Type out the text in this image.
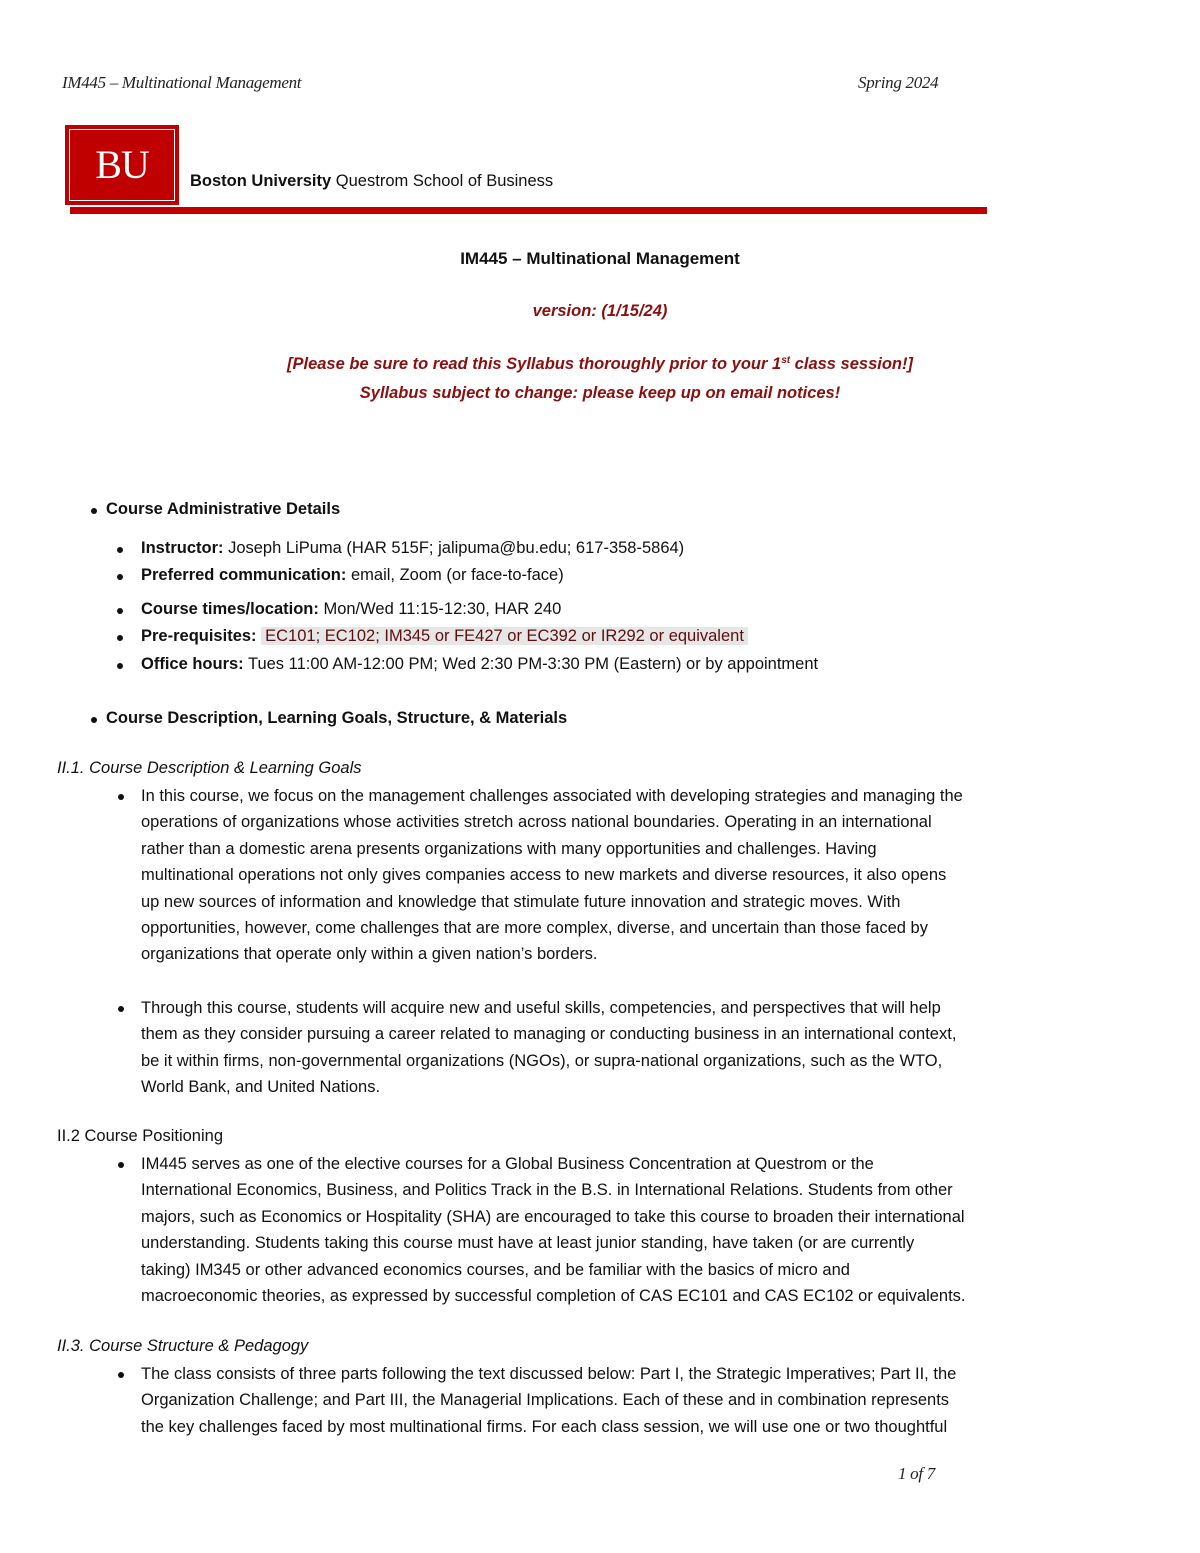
IM445 – Multinational Management	Spring 2024
BU Boston University Questrom School of Business
IM445 – Multinational Management
version: (1/15/24)
[Please be sure to read this Syllabus thoroughly prior to your 1st class session!]
Syllabus subject to change: please keep up on email notices!
Course Administrative Details
Instructor: Joseph LiPuma (HAR 515F; jalipuma@bu.edu; 617-358-5864)
Preferred communication: email, Zoom (or face-to-face)
Course times/location: Mon/Wed 11:15-12:30, HAR 240
Pre-requisites: EC101; EC102; IM345 or FE427 or EC392 or IR292 or equivalent
Office hours: Tues 11:00 AM-12:00 PM; Wed 2:30 PM-3:30 PM (Eastern) or by appointment
Course Description, Learning Goals, Structure, & Materials
II.1. Course Description & Learning Goals
In this course, we focus on the management challenges associated with developing strategies and managing the
operations of organizations whose activities stretch across national boundaries. Operating in an international
rather than a domestic arena presents organizations with many opportunities and challenges. Having
multinational operations not only gives companies access to new markets and diverse resources, it also opens
up new sources of information and knowledge that stimulate future innovation and strategic moves. With
opportunities, however, come challenges that are more complex, diverse, and uncertain than those faced by
organizations that operate only within a given nation’s borders.
Through this course, students will acquire new and useful skills, competencies, and perspectives that will help
them as they consider pursuing a career related to managing or conducting business in an international context,
be it within firms, non-governmental organizations (NGOs), or supra-national organizations, such as the WTO,
World Bank, and United Nations.
II.2 Course Positioning
IM445 serves as one of the elective courses for a Global Business Concentration at Questrom or the
International Economics, Business, and Politics Track in the B.S. in International Relations. Students from other
majors, such as Economics or Hospitality (SHA) are encouraged to take this course to broaden their international
understanding. Students taking this course must have at least junior standing, have taken (or are currently
taking) IM345 or other advanced economics courses, and be familiar with the basics of micro and
macroeconomic theories, as expressed by successful completion of CAS EC101 and CAS EC102 or equivalents.
II.3. Course Structure & Pedagogy
The class consists of three parts following the text discussed below: Part I, the Strategic Imperatives; Part II, the
Organization Challenge; and Part III, the Managerial Implications. Each of these and in combination represents
the key challenges faced by most multinational firms. For each class session, we will use one or two thoughtful
1 of 7
